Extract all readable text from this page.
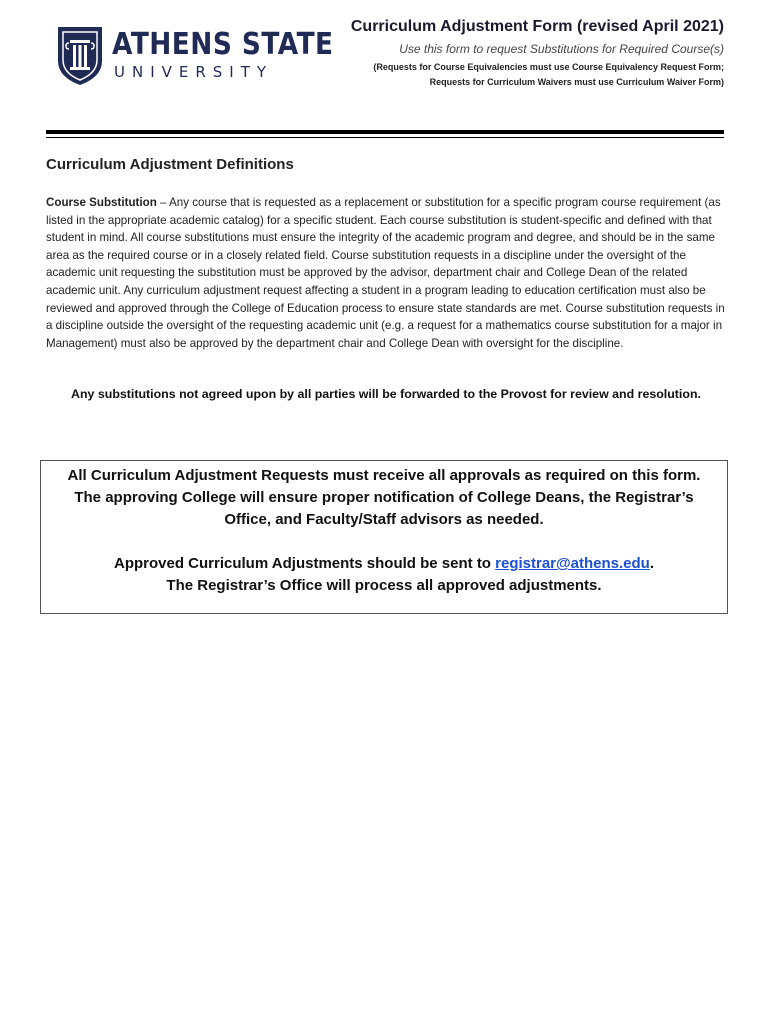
ATHENS STATE
UNIVERSITY
Curriculum Adjustment Form (revised April 2021)
Use this form to request Substitutions for Required Course(s)
(Requests for Course Equivalencies must use Course Equivalency Request Form;
Requests for Curriculum Waivers must use Curriculum Waiver Form)
Curriculum Adjustment Definitions
Course Substitution – Any course that is requested as a replacement or substitution for a specific program course requirement (as listed in the appropriate academic catalog) for a specific student. Each course substitution is student-specific and defined with that student in mind. All course substitutions must ensure the integrity of the academic program and degree, and should be in the same area as the required course or in a closely related field. Course substitution requests in a discipline under the oversight of the academic unit requesting the substitution must be approved by the advisor, department chair and College Dean of the related academic unit. Any curriculum adjustment request affecting a student in a program leading to education certification must also be reviewed and approved through the College of Education process to ensure state standards are met. Course substitution requests in a discipline outside the oversight of the requesting academic unit (e.g. a request for a mathematics course substitution for a major in Management) must also be approved by the department chair and College Dean with oversight for the discipline.
Any substitutions not agreed upon by all parties will be forwarded to the Provost for review and resolution.
All Curriculum Adjustment Requests must receive all approvals as required on this form.
The approving College will ensure proper notification of College Deans, the Registrar’s
Office, and Faculty/Staff advisors as needed.
Approved Curriculum Adjustments should be sent to registrar@athens.edu.
The Registrar’s Office will process all approved adjustments.
